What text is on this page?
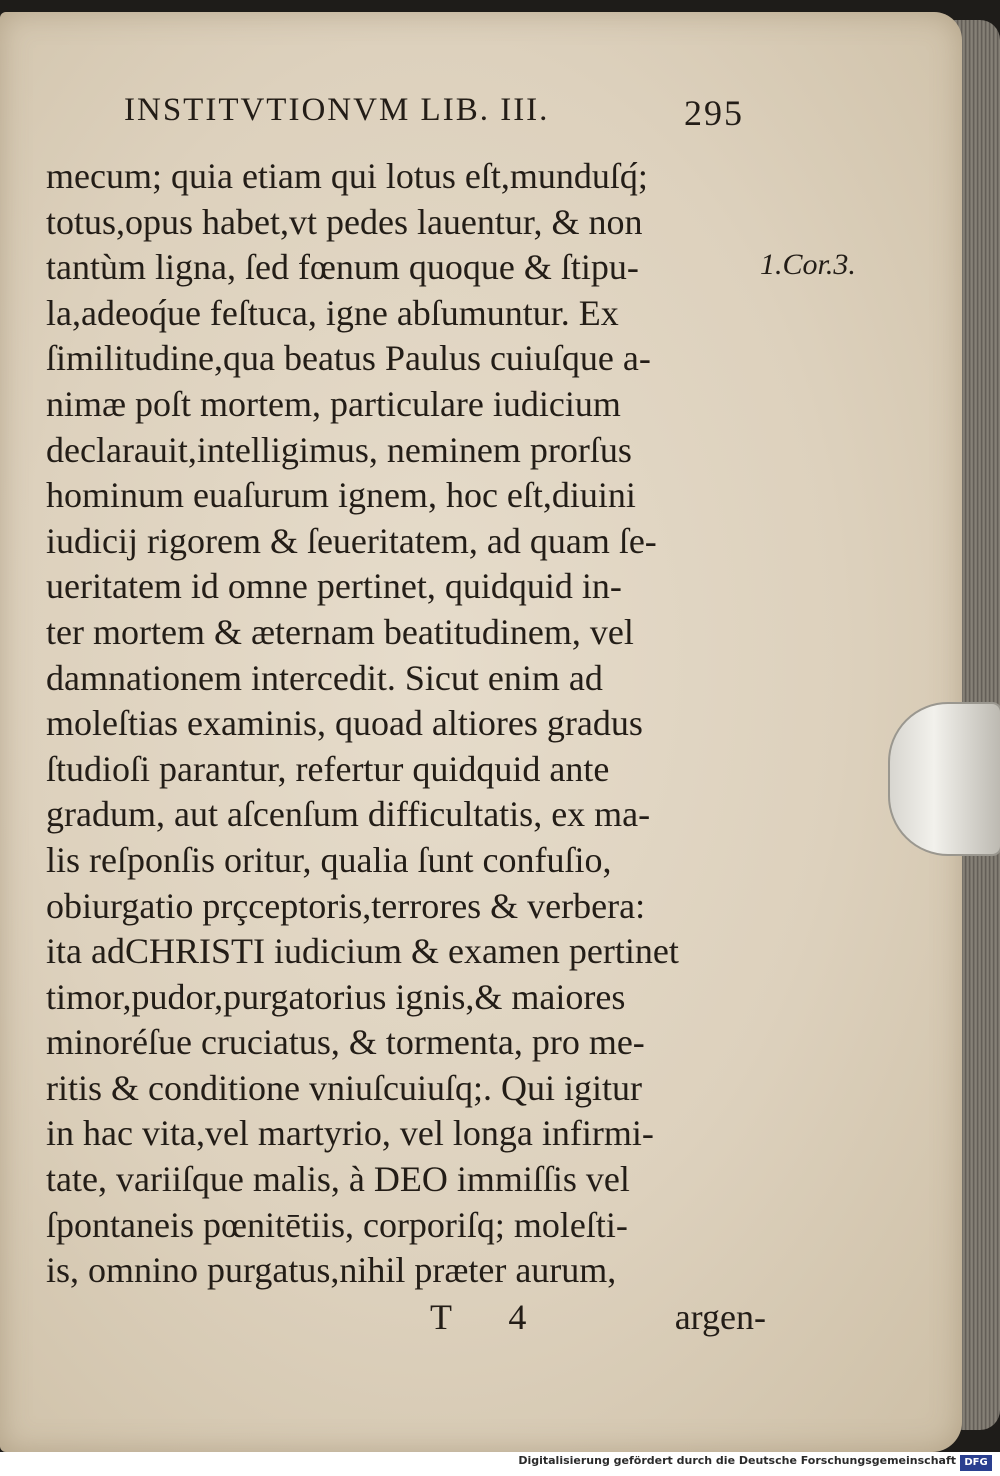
INSTITVTIONVM LIB. III.	295
mecum; quia etiam qui lotus eſt,munduſq́;
totus,opus habet,vt pedes lauentur, & non
tantùm ligna, ſed fœnum quoque & ſtipu-
la,adeoq́ue feſtuca, igne abſumuntur. Ex
ſimilitudine,qua beatus Paulus cuiuſque a-
nimæ poſt mortem, particulare iudicium
declarauit,intelligimus, neminem prorſus
hominum euaſurum ignem, hoc eſt,diuini
iudicij rigorem & ſeueritatem, ad quam ſe-
ueritatem id omne pertinet, quidquid in-
ter mortem & æternam beatitudinem, vel
damnationem intercedit. Sicut enim ad
moleſtias examinis, quoad altiores gradus
ſtudioſi parantur, refertur quidquid ante
gradum, aut aſcenſum difficultatis, ex ma-
lis reſponſis oritur, qualia ſunt confuſio,
obiurgatio prçceptoris,terrores & verbera:
ita adCHRISTI iudicium & examen pertinet
timor,pudor,purgatorius ignis,& maiores
minoréſue cruciatus, & tormenta, pro me-
ritis & conditione vniuſcuiuſq;. Qui igitur
in hac vita,vel martyrio, vel longa infirmi-
tate, variiſque malis, à DEO immiſſis vel
ſpontaneis pœnitētiis, corporiſq; moleſti-
is, omnino purgatus,nihil præter aurum,
1.Cor.3.
T 4	argen-
Digitalisierung gefördert durch die Deutsche Forschungsgemeinschaft DFG
